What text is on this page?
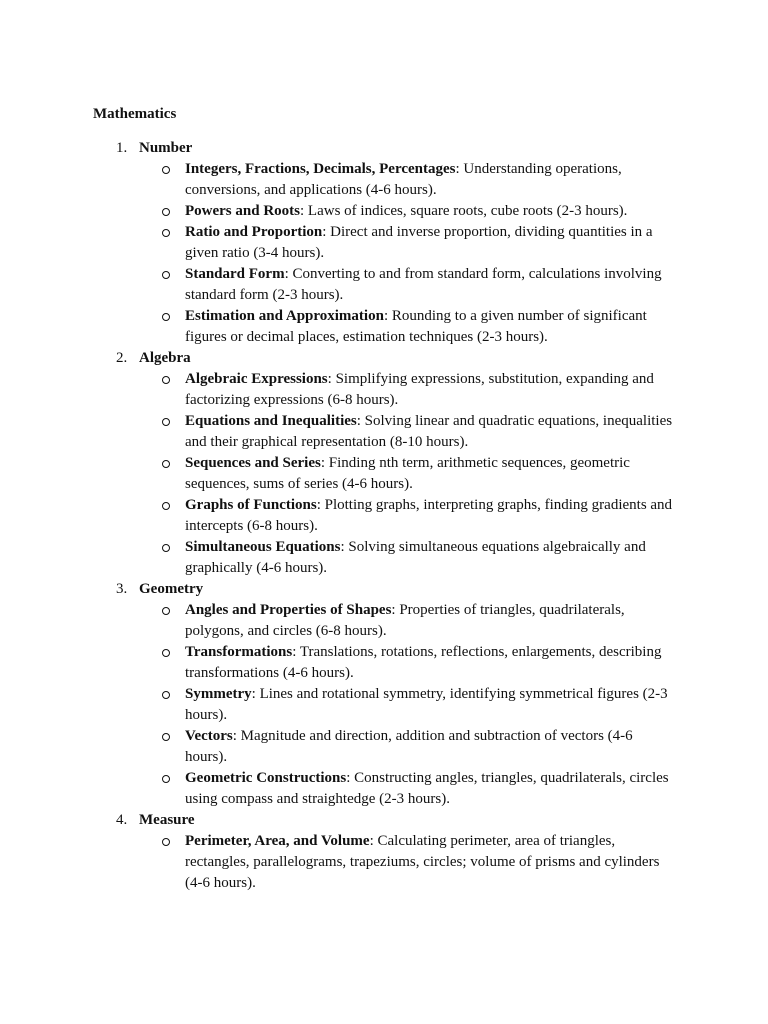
Mathematics
1. Number
Integers, Fractions, Decimals, Percentages: Understanding operations, conversions, and applications (4-6 hours).
Powers and Roots: Laws of indices, square roots, cube roots (2-3 hours).
Ratio and Proportion: Direct and inverse proportion, dividing quantities in a given ratio (3-4 hours).
Standard Form: Converting to and from standard form, calculations involving standard form (2-3 hours).
Estimation and Approximation: Rounding to a given number of significant figures or decimal places, estimation techniques (2-3 hours).
2. Algebra
Algebraic Expressions: Simplifying expressions, substitution, expanding and factorizing expressions (6-8 hours).
Equations and Inequalities: Solving linear and quadratic equations, inequalities and their graphical representation (8-10 hours).
Sequences and Series: Finding nth term, arithmetic sequences, geometric sequences, sums of series (4-6 hours).
Graphs of Functions: Plotting graphs, interpreting graphs, finding gradients and intercepts (6-8 hours).
Simultaneous Equations: Solving simultaneous equations algebraically and graphically (4-6 hours).
3. Geometry
Angles and Properties of Shapes: Properties of triangles, quadrilaterals, polygons, and circles (6-8 hours).
Transformations: Translations, rotations, reflections, enlargements, describing transformations (4-6 hours).
Symmetry: Lines and rotational symmetry, identifying symmetrical figures (2-3 hours).
Vectors: Magnitude and direction, addition and subtraction of vectors (4-6 hours).
Geometric Constructions: Constructing angles, triangles, quadrilaterals, circles using compass and straightedge (2-3 hours).
4. Measure
Perimeter, Area, and Volume: Calculating perimeter, area of triangles, rectangles, parallelograms, trapeziums, circles; volume of prisms and cylinders (4-6 hours).
